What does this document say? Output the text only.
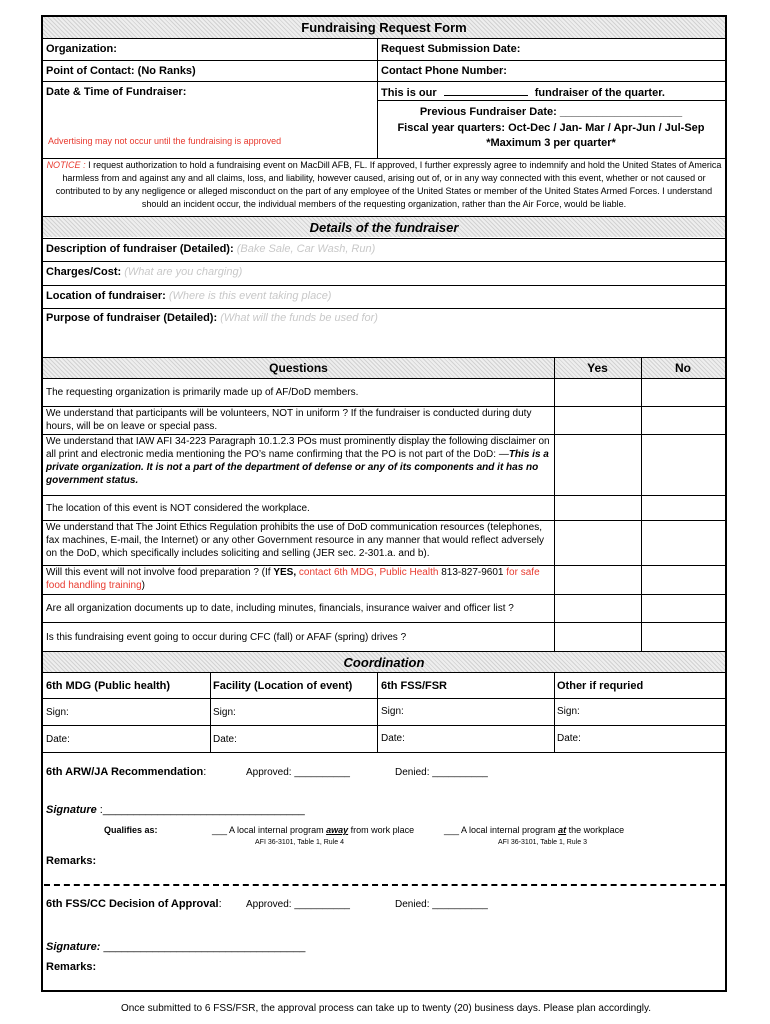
Fundraising Request Form
Organization:	Request Submission Date:
Point of Contact: (No Ranks)	Contact Phone Number:
Date & Time of Fundraiser:	This is our	fundraiser of the quarter.
Previous Fundraiser Date: ____________________
Fiscal year quarters: Oct-Dec / Jan- Mar / Apr-Jun / Jul-Sep
*Maximum 3 per quarter*
Advertising may not occur until the fundraising is approved
NOTICE : I request authorization to hold a fundraising event on MacDill AFB, FL. If approved, I further expressly agree to indemnify and hold the United States of America harmless from and against any and all claims, loss, and liability, however caused, arising out of, or in any way connected with this event, whether or not caused or contributed to by any negligence or alleged misconduct on the part of any employee of the United States or member of the United States Armed Forces. I understand should an incident occur, the individual members of the requesting organization, rather than the Air Force, would be liable.
Details of the fundraiser
Description of fundraiser (Detailed): (Bake Sale, Car Wash, Run)
Charges/Cost: (What are you charging)
Location of fundraiser: (Where is this event taking place)
Purpose of fundraiser (Detailed): (What will the funds be used for)
Questions	Yes	No
The requesting organization is primarily made up of AF/DoD members.
We understand that participants will be volunteers, NOT in uniform ? If the fundraiser is conducted during duty hours, will be on leave or special pass.
We understand that IAW AFI 34-223 Paragraph 10.1.2.3 POs must prominently display the following disclaimer on all print and electronic media mentioning the PO’s name confirming that the PO is not part of the DoD: —This is a private organization. It is not a part of the department of defense or any of its components and it has no government status.
The location of this event is NOT considered the workplace.
We understand that The Joint Ethics Regulation prohibits the use of DoD communication resources (telephones, fax machines, E-mail, the Internet) or any other Government resource in any manner that would reflect adversely on the DoD, which specifically includes soliciting and selling (JER sec. 2-301.a. and b).
Will this event will not involve food preparation ? (If YES, contact 6th MDG, Public Health 813-827-9601 for safe food handling training)
Are all organization documents up to date, including minutes, financials, insurance waiver and officer list ?
Is this fundraising event going to occur during CFC (fall) or AFAF (spring) drives ?
Coordination
6th MDG (Public health)	Facility (Location of event)	6th FSS/FSR	Other if requried
Sign:	Sign:	Sign:	Sign:
Date:	Date:	Date:	Date:
6th ARW/JA Recommendation:	Approved: __________	Denied: __________
Signature :_________________________________
Qualifies as:	___ A local internal program away from work place
AFI 36-3101, Table 1, Rule 4
___ A local internal program at the workplace
AFI 36-3101, Table 1, Rule 3
Remarks:
6th FSS/CC Decision of Approval: Approved: __________	Denied: __________
Signature: _________________________________
Remarks:
Once submitted to 6 FSS/FSR, the approval process can take up to twenty (20) business days. Please plan accordingly.
